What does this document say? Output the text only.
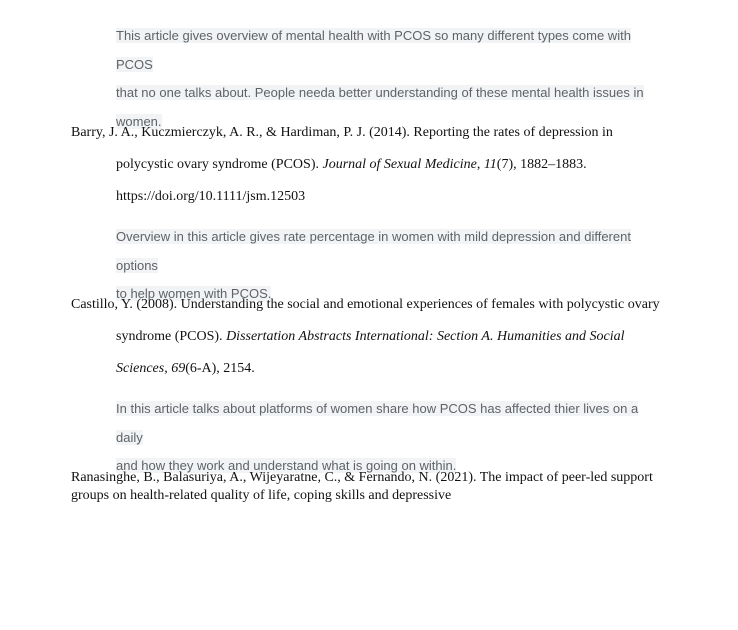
This article gives overview of mental health with PCOS so many different types come with PCOS
that no one talks about. People needa better understanding of these mental health issues in
women.
Barry, J. A., Kuczmierczyk, A. R., & Hardiman, P. J. (2014). Reporting the rates of depression in
polycystic ovary syndrome (PCOS). Journal of Sexual Medicine, 11(7), 1882–1883.
https://doi.org/10.1111/jsm.12503
Overview in this article gives rate percentage in women with mild depression and different options
to help women with PCOS.
Castillo, Y. (2008). Understanding the social and emotional experiences of females with polycystic ovary
syndrome (PCOS). Dissertation Abstracts International: Section A. Humanities and Social
Sciences, 69(6-A), 2154.
In this article talks about platforms of women share how PCOS has affected thier lives on a daily
and how they work and understand what is going on within.
Ranasinghe, B., Balasuriya, A., Wijeyaratne, C., & Fernando, N. (2021). The impact of peer-led support
groups on health-related quality of life, coping skills and depressive
